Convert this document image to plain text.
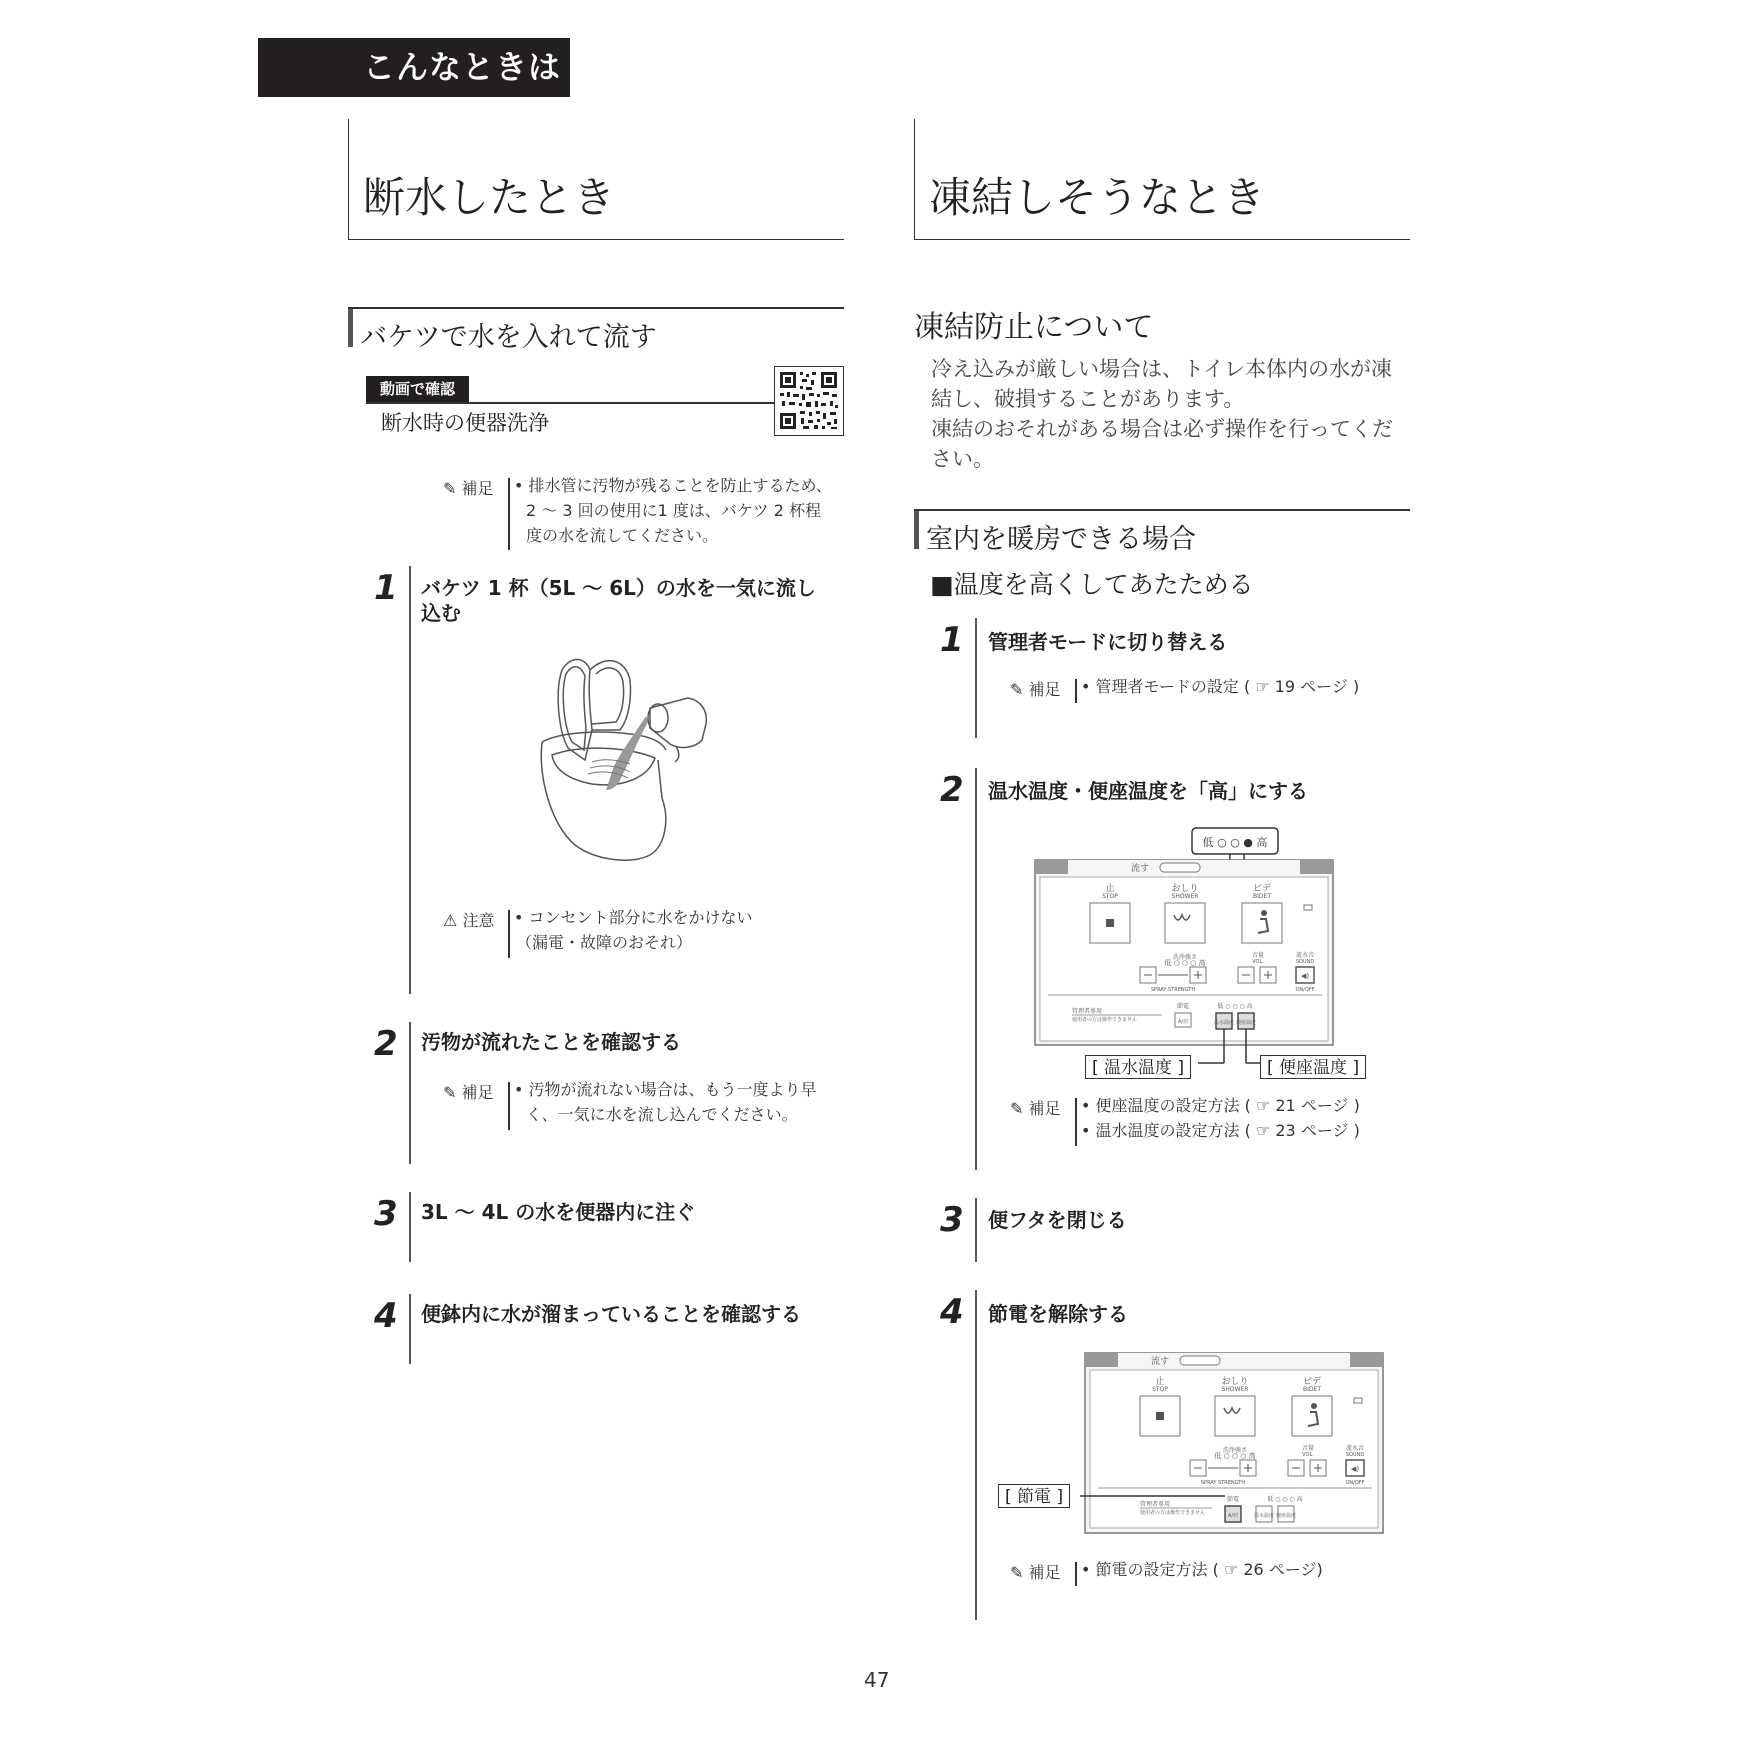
こんなときは
断水したとき
バケツで水を入れて流す
動画で確認
断水時の便器洗浄
✎ 補足 • 排水管に汚物が残ることを防止するため、
2 〜 3 回の使用に1 度は、バケツ 2 杯程
度の水を流してください。
1 バケツ 1 杯（5L 〜 6L）の水を一気に流し
込む
⚠ 注意 • コンセント部分に水をかけない
（漏電・故障のおそれ）
2 汚物が流れたことを確認する
✎ 補足 • 汚物が流れない場合は、もう一度より早
く、一気に水を流し込んでください。
3 3L 〜 4L の水を便器内に注ぐ
4 便鉢内に水が溜まっていることを確認する
凍結しそうなとき
凍結防止について
冷え込みが厳しい場合は、トイレ本体内の水が凍
結し、破損することがあります。
凍結のおそれがある場合は必ず操作を行ってくだ
さい。
室内を暖房できる場合
■温度を高くしてあたためる
1 管理者モードに切り替える
✎ 補足 • 管理者モードの設定 ( ☞ 19 ページ )
2 温水温度・便座温度を「高」にする
低 ○ ○ ● 高
流す
止
STOP
おしり
SHOWER
ビデ
BIDET
洗浄強さ
低 ○ ○ ○ 高
SPRAY STRENGTH
音量
VOL.
流水音
SOUND
◀)
ON/OFF
管理者専用
使用者の方は操作できません
節電
A/切
低 ○ ○ ○ 高
温水温度 便座温度
[ 温水温度 ]	[ 便座温度 ]
✎ 補足 • 便座温度の設定方法 ( ☞ 21 ページ )
• 温水温度の設定方法 ( ☞ 23 ページ )
3 便フタを閉じる
4 節電を解除する
流す
止
STOP
おしり
SHOWER
ビデ
BIDET
洗浄強さ
低 ○ ○ ○ 高
SPRAY STRENGTH
音量
VOL.
流水音
SOUND
◀)
ON/OFF
管理者専用
使用者の方は操作できません
節電
A/切
低 ○ ○ ○ 高
温水温度 便座温度
[ 節電 ]
✎ 補足 • 節電の設定方法 ( ☞ 26 ページ)
47
